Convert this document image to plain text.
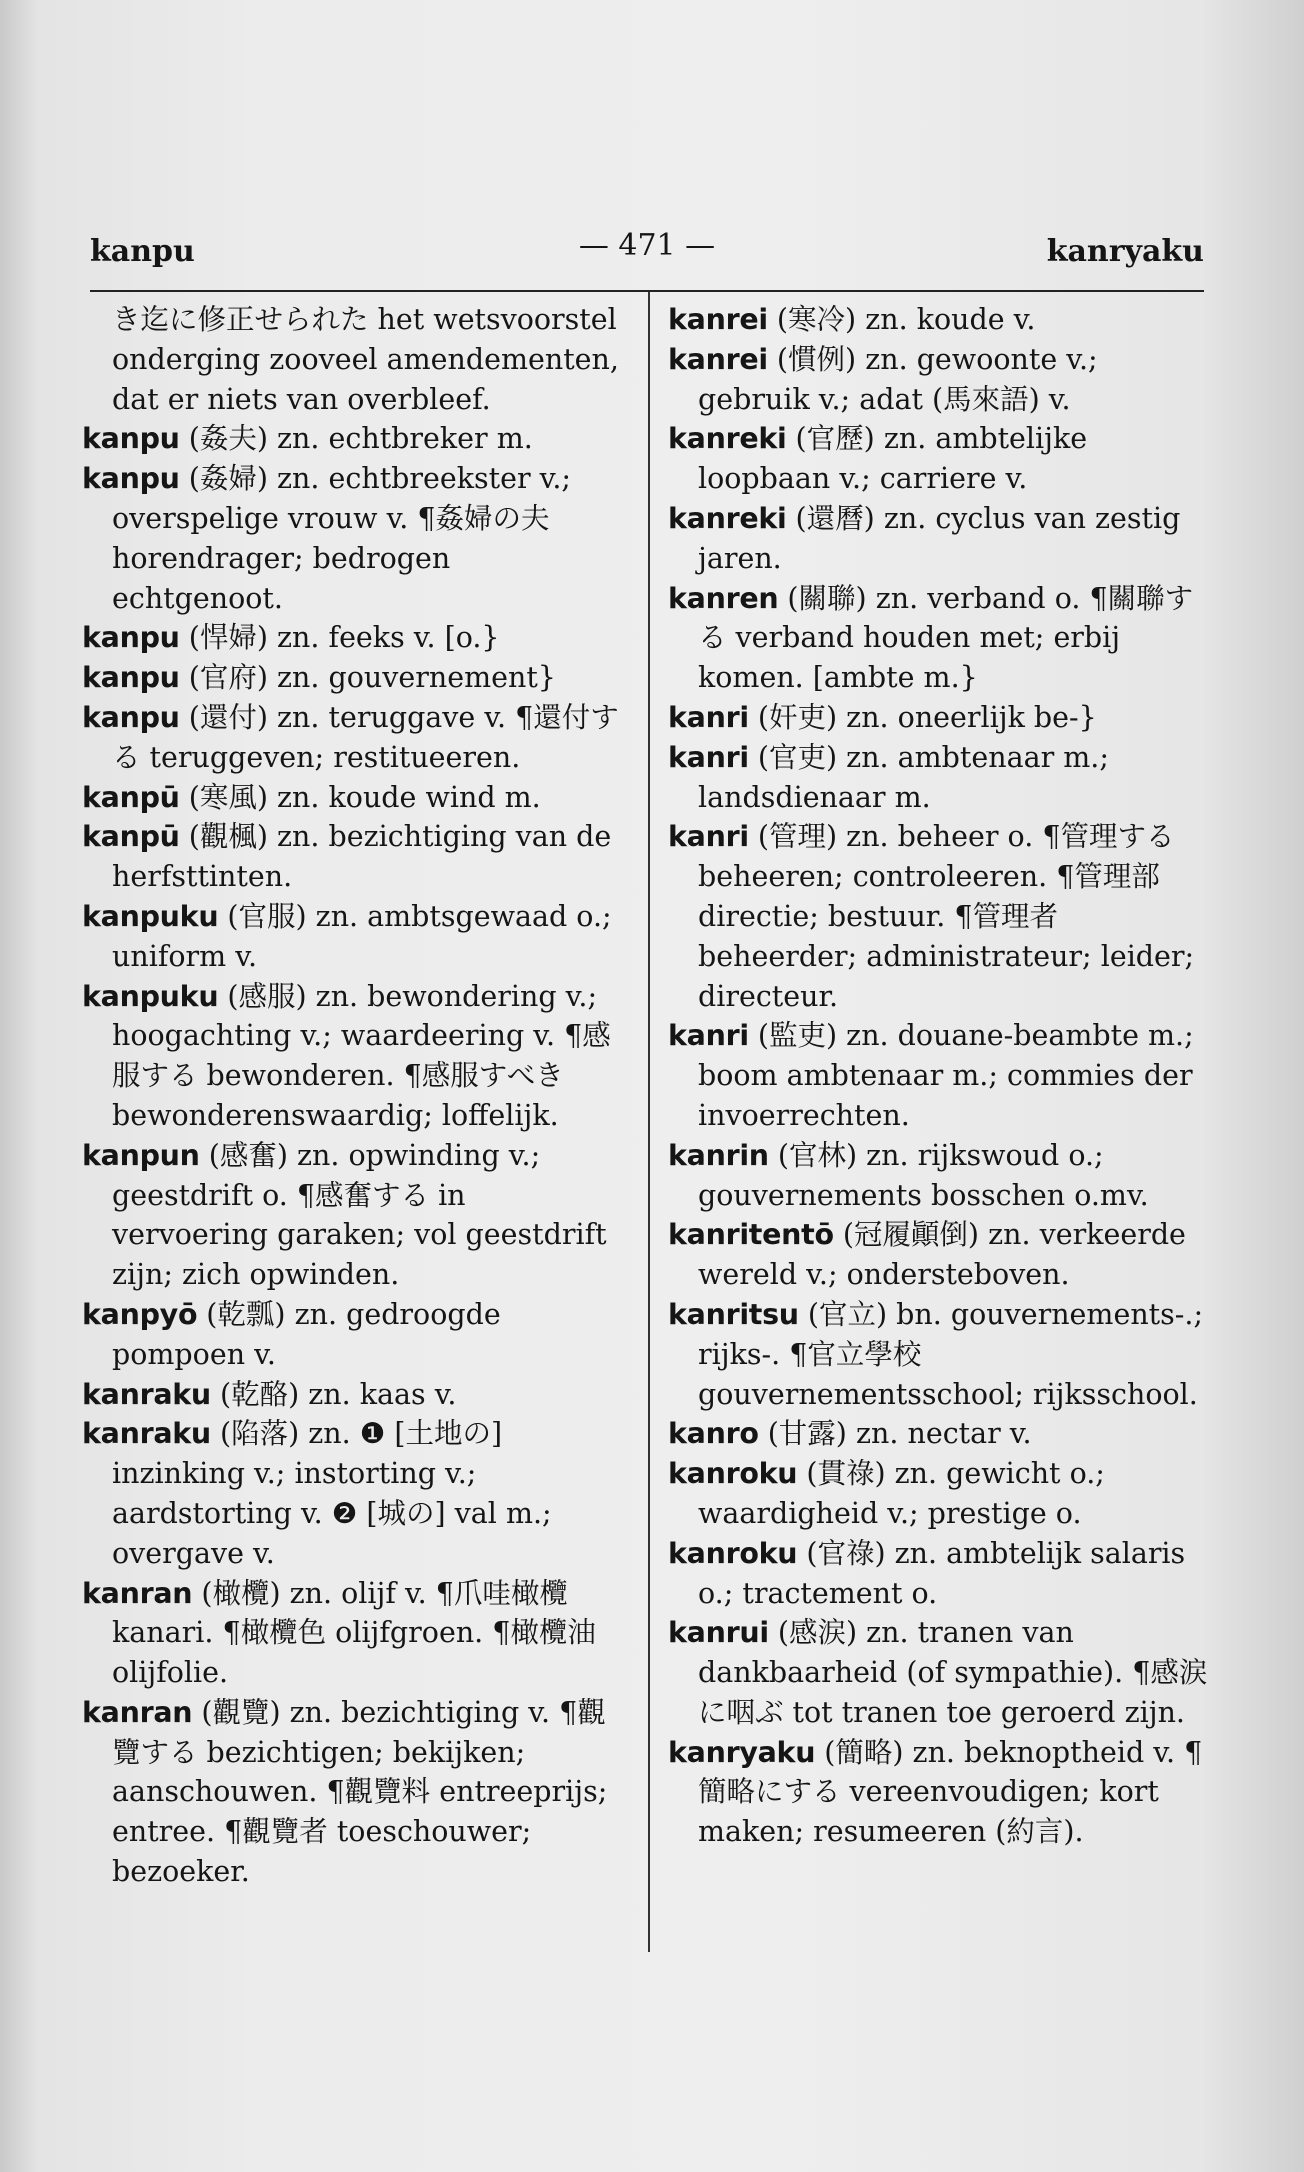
kanpu	— 471 —	kanryaku

き迄に修正せられた het wetsvoorstel onderging zooveel amendementen, dat er niets van overbleef.

kanpu (姦夫) zn. echtbreker m.

kanpu (姦婦) zn. echtbreekster v.; overspelige vrouw v. ¶姦婦の夫 horendrager; bedrogen echtgenoot.

kanpu (悍婦) zn. feeks v. [o.}

kanpu (官府) zn. gouvernement}

kanpu (還付) zn. teruggave v. ¶還付する teruggeven; restitueeren.

kanpū (寒風) zn. koude wind m.

kanpū (觀楓) zn. bezichtiging van de herfsttinten.

kanpuku (官服) zn. ambtsgewaad o.; uniform v.

kanpuku (感服) zn. bewondering v.; hoogachting v.; waardeering v. ¶感服する bewonderen. ¶感服すべき bewonderenswaardig; loffelijk.

kanpun (感奮) zn. opwinding v.; geestdrift o. ¶感奮する in vervoering garaken; vol geestdrift zijn; zich opwinden.

kanpyō (乾瓢) zn. gedroogde pompoen v.

kanraku (乾酪) zn. kaas v.

kanraku (陷落) zn. ❶ [土地の] inzinking v.; instorting v.; aardstorting v. ❷ [城の] val m.; overgave v.

kanran (橄欖) zn. olijf v. ¶爪哇橄欖 kanari. ¶橄欖色 olijfgroen. ¶橄欖油 olijfolie.

kanran (觀覽) zn. bezichtiging v. ¶觀覽する bezichtigen; bekijken; aanschouwen. ¶觀覽料 entreeprijs; entree. ¶觀覽者 toeschouwer; bezoeker.

kanrei (寒冷) zn. koude v.

kanrei (慣例) zn. gewoonte v.; gebruik v.; adat (馬來語) v.

kanreki (官歷) zn. ambtelijke loopbaan v.; carriere v.

kanreki (還曆) zn. cyclus van zestig jaren.

kanren (關聯) zn. verband o. ¶關聯する verband houden met; erbij komen. [ambte m.}

kanri (奸吏) zn. oneerlijk be-}

kanri (官吏) zn. ambtenaar m.; landsdienaar m.

kanri (管理) zn. beheer o. ¶管理する beheeren; controleeren. ¶管理部 directie; bestuur. ¶管理者 beheerder; administrateur; leider; directeur.

kanri (監吏) zn. douane-beambte m.; boom ambtenaar m.; commies der invoerrechten.

kanrin (官林) zn. rijkswoud o.; gouvernements bosschen o.mv.

kanritentō (冠履顚倒) zn. verkeerde wereld v.; ondersteboven.

kanritsu (官立) bn. gouvernements-.; rijks-. ¶官立學校 gouvernementsschool; rijksschool.

kanro (甘露) zn. nectar v.

kanroku (貫祿) zn. gewicht o.; waardigheid v.; prestige o.

kanroku (官祿) zn. ambtelijk salaris o.; tractement o.

kanrui (感涙) zn. tranen van dankbaarheid (of sympathie). ¶感涙に咽ぶ tot tranen toe geroerd zijn.

kanryaku (簡略) zn. beknoptheid v. ¶簡略にする vereenvoudigen; kort maken; resumeeren (約言).
